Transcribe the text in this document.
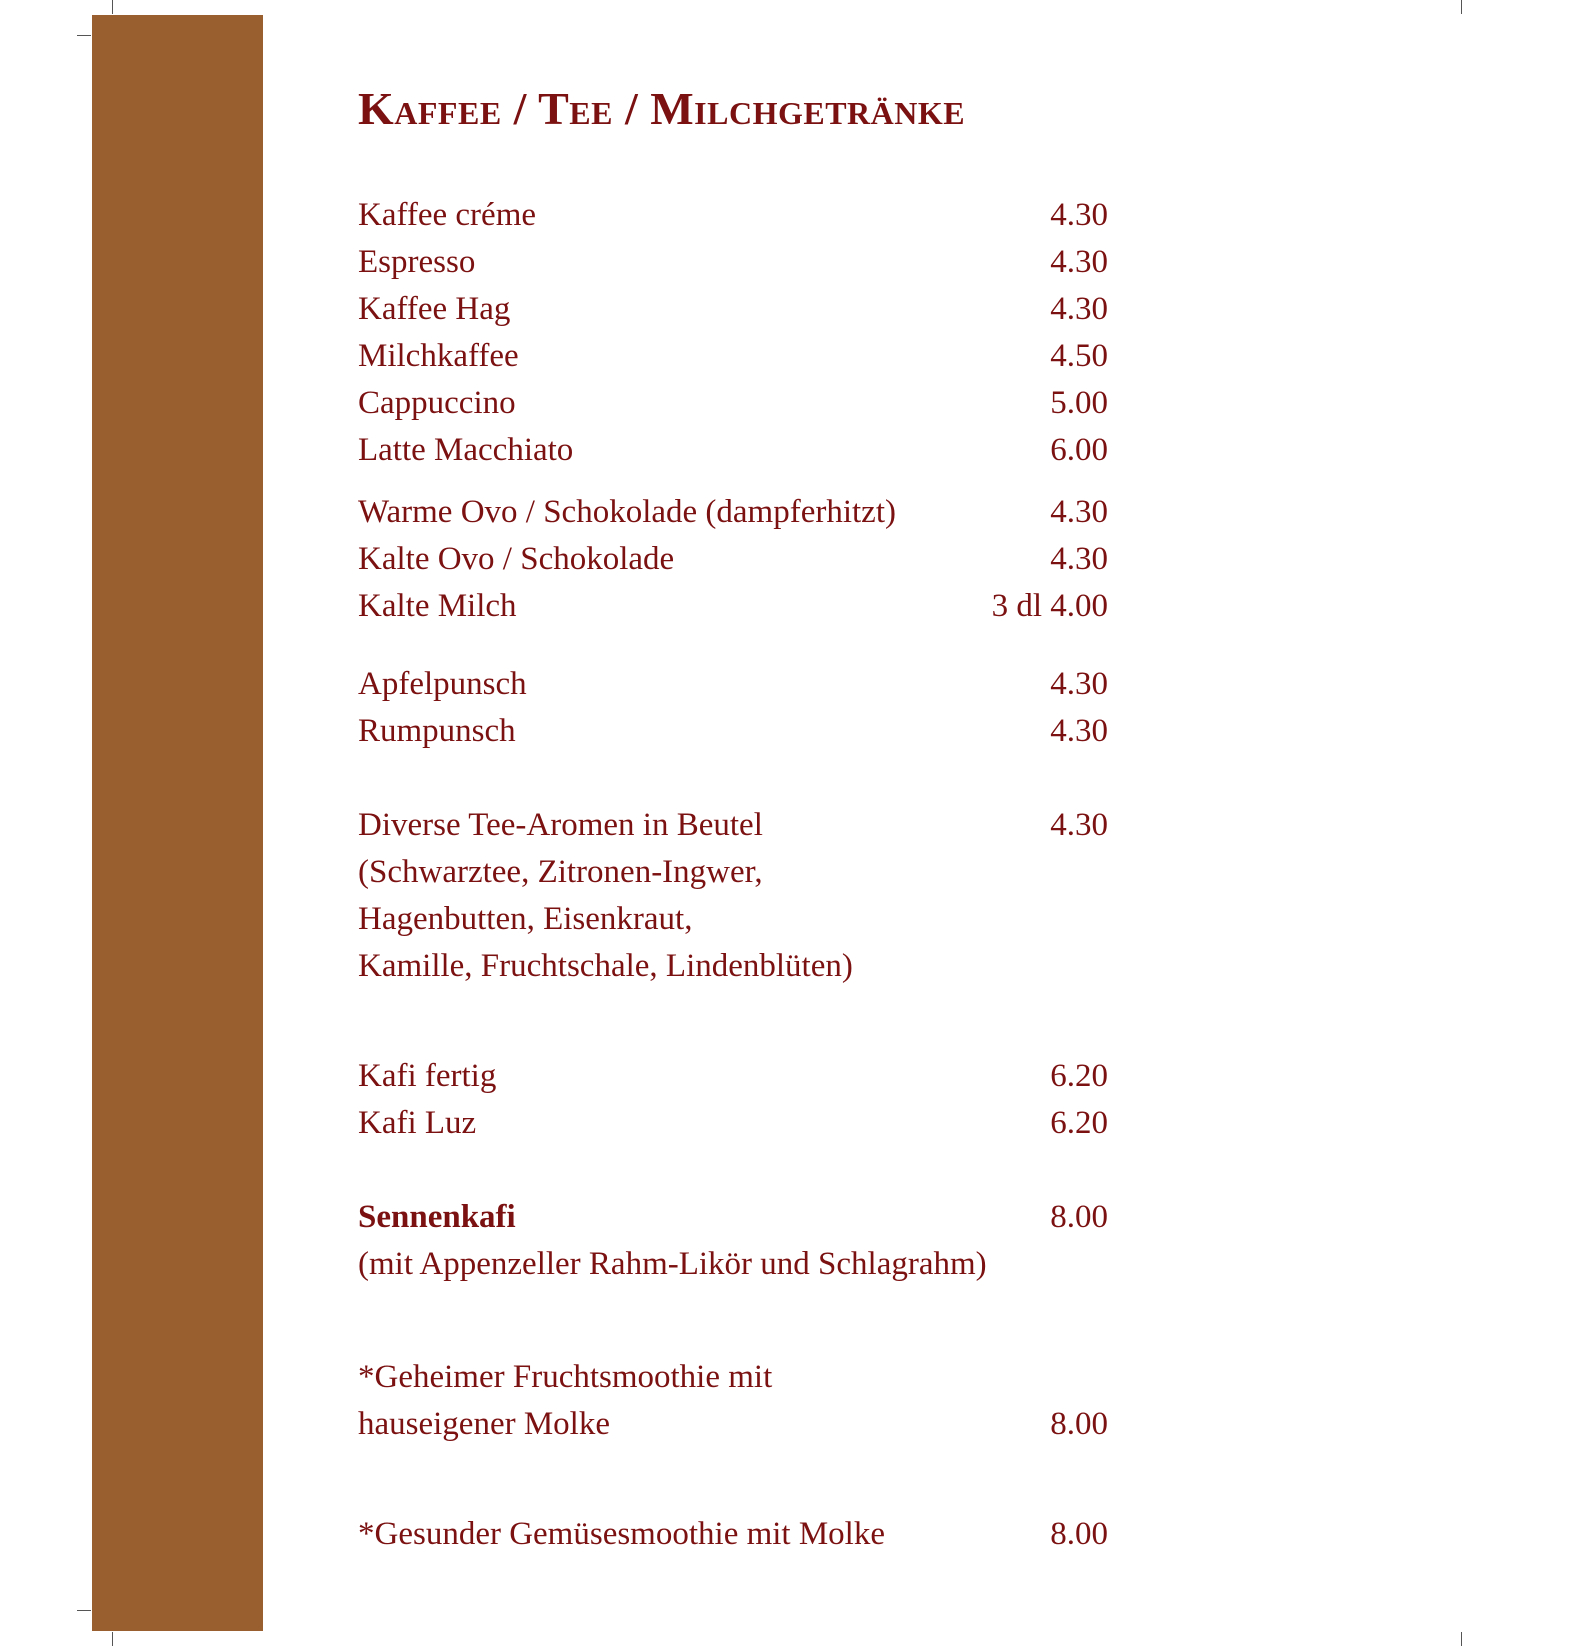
Kaffee / Tee / Milchgetränke
Kaffee créme	4.30
Espresso	4.30
Kaffee Hag	4.30
Milchkaffee	4.50
Cappuccino	5.00
Latte Macchiato	6.00
Warme Ovo / Schokolade (dampferhitzt)	4.30
Kalte Ovo / Schokolade	4.30
Kalte Milch	3 dl 4.00
Apfelpunsch	4.30
Rumpunsch	4.30
Diverse Tee-Aromen in Beutel	4.30
(Schwarztee, Zitronen-Ingwer,
Hagenbutten, Eisenkraut,
Kamille, Fruchtschale, Lindenblüten)
Kafi fertig	6.20
Kafi Luz	6.20
Sennenkafi	8.00
(mit Appenzeller Rahm-Likör und Schlagrahm)
*Geheimer Fruchtsmoothie mit
hauseigener Molke	8.00
*Gesunder Gemüsesmoothie mit Molke	8.00
